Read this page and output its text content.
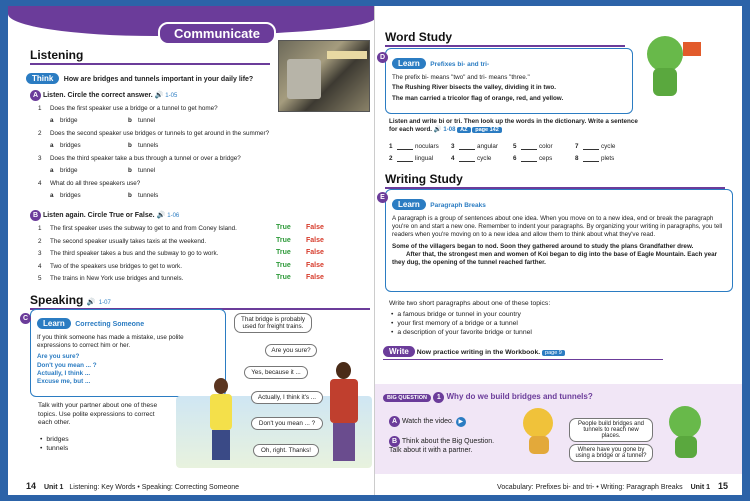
Communicate
Listening
Think How are bridges and tunnels important in your daily life?
A Listen. Circle the correct answer. 🔊 1-05
1 Does the first speaker use a bridge or a tunnel to get home?
a bridge	b tunnel
2 Does the second speaker use bridges or tunnels to get around in the summer?
a bridges	b tunnels
3 Does the third speaker take a bus through a tunnel or over a bridge?
a bridge	b tunnel
4 What do all three speakers use?
a bridges	b tunnels
B Listen again. Circle True or False. 🔊 1-06
1 The first speaker uses the subway to get to and from Coney Island.	True False
2 The second speaker usually takes taxis at the weekend.	True False
3 The third speaker takes a bus and the subway to go to work.	True False
4 Two of the speakers use bridges to get to work.	True False
5 The trains in New York use bridges and tunnels.	True False
Speaking 🔊 1-07
Learn Correcting Someone
If you think someone has made a mistake, use polite expressions to correct him or her.
Are you sure?
Don't you mean ... ?
Actually, I think ...
Excuse me, but ...
C
Talk with your partner about one of these topics. Use polite expressions to correct each other.
• bridges
• tunnels
That bridge is probably used for freight trains.
Are you sure?
Yes, because it ...
Actually, I think it's ...
Don't you mean ... ?
Oh, right. Thanks!
14 Unit 1 Listening: Key Words • Speaking: Correcting Someone
Word Study
Learn Prefixes bi- and tri-
The prefix bi- means "two" and tri- means "three."
The Rushing River bisects the valley, dividing it in two.
The man carried a tricolor flag of orange, red, and yellow.
D
Listen and write bi or tri. Then look up the words in the dictionary. Write a sentence for each word. 🔊 1-08 AZ page 142
1	noculars 3	angular 5	color	7	cycle
2	lingual	4	cycle	6	ceps	8	plets
Writing Study
Learn Paragraph Breaks
A paragraph is a group of sentences about one idea. When you move on to a new idea, end or break the paragraph you're on and start a new one. Remember to indent your paragraphs. By organizing your writing in paragraphs, you tell readers when you're moving on to a new idea and allow them to think about what they've read.
Some of the villagers began to nod. Soon they gathered around to study the plans Grandfather drew.
After that, the strongest men and women of Koi began to dig into the base of Eagle Mountain. Each year they dug, the opening of the tunnel reached farther.
E
Write two short paragraphs about one of these topics:
• a famous bridge or tunnel in your country
• your first memory of a bridge or a tunnel
• a description of your favorite bridge or tunnel
Write Now practice writing in the Workbook. page 9
BIG QUESTION 1 Why do we build bridges and tunnels?
A Watch the video. ▶
B Think about the Big Question. Talk about it with a partner.
People build bridges and tunnels to reach new places.
Where have you gone by using a bridge or a tunnel?
Vocabulary: Prefixes bi- and tri- • Writing: Paragraph Breaks Unit 1 15
